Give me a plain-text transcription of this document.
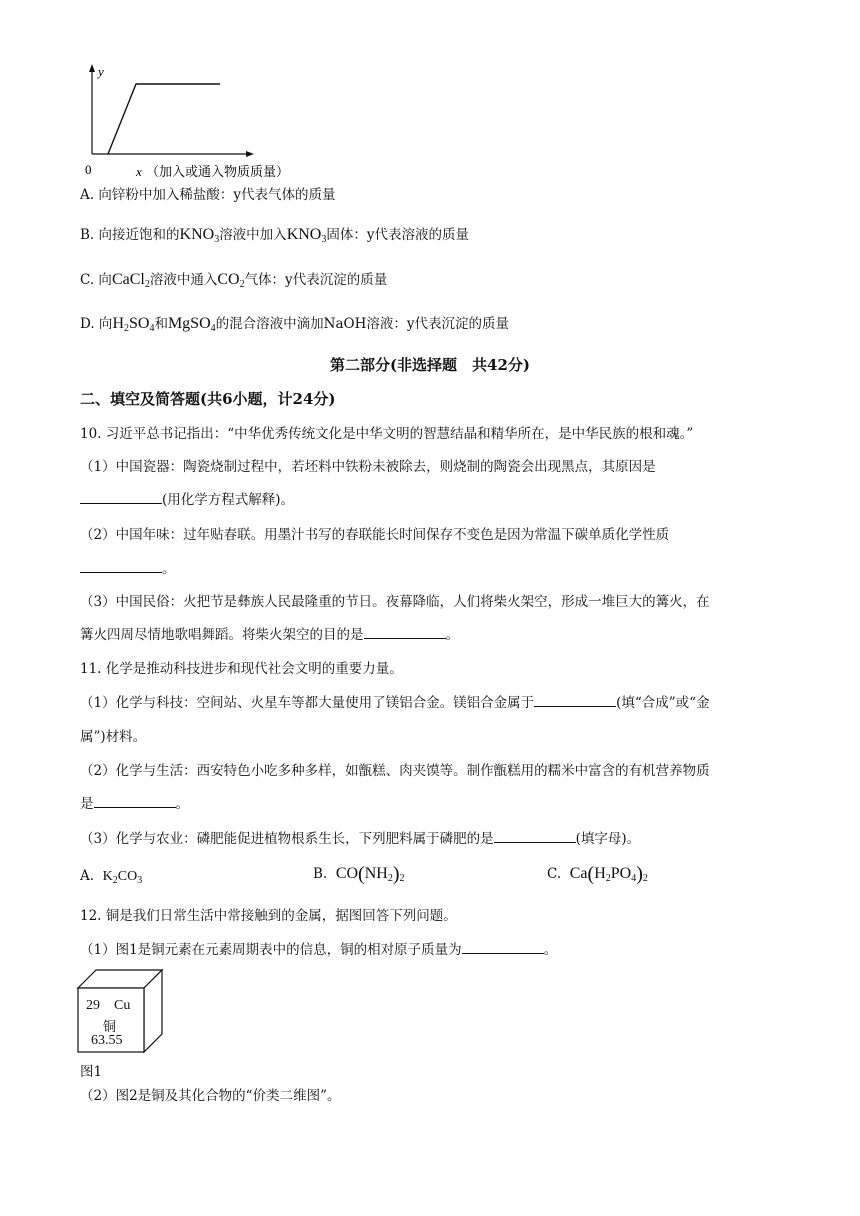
y
0	x （加入或通入物质质量）
A. 向锌粉中加入稀盐酸：y代表气体的质量
B. 向接近饱和的$KNO_3$溶液中加入$KNO_3$固体：y代表溶液的质量
C. 向CaCl$_2$溶液中通入$CO_2$气体：y代表沉淀的质量
D. 向$H_2SO_4$和MgSO$_4$的混合溶液中滴加NaOH溶液：y代表沉淀的质量
第二部分(非选择题　共42分)
二、填空及简答题(共6小题，计24分)
10. 习近平总书记指出：“中华优秀传统文化是中华文明的智慧结晶和精华所在，是中华民族的根和魂。”
（1）中国瓷器：陶瓷烧制过程中，若坯料中铁粉未被除去，则烧制的陶瓷会出现黑点，其原因是
(用化学方程式解释)。
（2）中国年味：过年贴春联。用墨汁书写的春联能长时间保存不变色是因为常温下碳单质化学性质
。
（3）中国民俗：火把节是彝族人民最隆重的节日。夜幕降临，人们将柴火架空，形成一堆巨大的篝火，在
篝火四周尽情地歌唱舞蹈。将柴火架空的目的是	。
11. 化学是推动科技进步和现代社会文明的重要力量。
（1）化学与科技：空间站、火星车等都大量使用了镁铝合金。镁铝合金属于	(填“合成”或“金
属”)材料。
（2）化学与生活：西安特色小吃多种多样，如甑糕、肉夹馍等。制作甑糕用的糯米中富含的有机营养物质
是	。
（3）化学与农业：磷肥能促进植物根系生长，下列肥料属于磷肥的是	(填字母)。
A. $K_2CO_3$	B. $CO(NH_2)_2$	C. $Ca(H_2PO_4)_2$
12. 铜是我们日常生活中常接触到的金属，据图回答下列问题。
（1）图1是铜元素在元素周期表中的信息，铜的相对原子质量为	。
29 Cu
铜
63.55
图1
（2）图2是铜及其化合物的“价类二维图”。
